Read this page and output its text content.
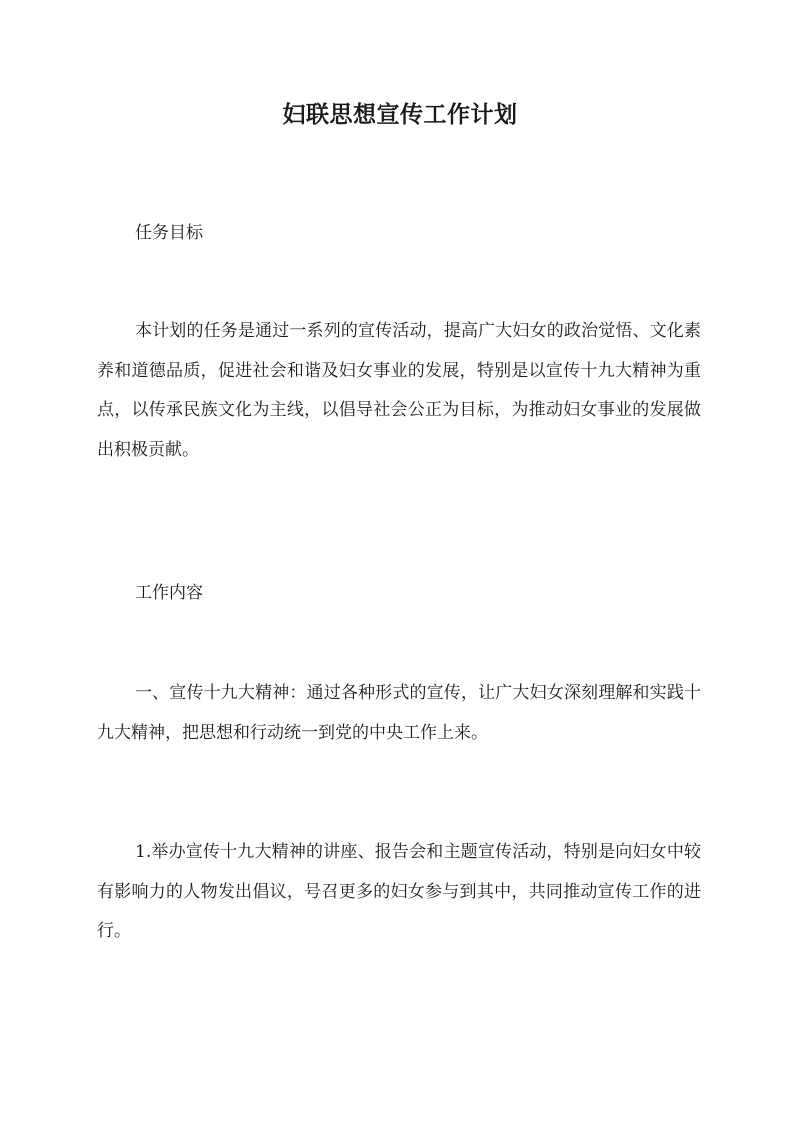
妇联思想宣传工作计划
任务目标

本计划的任务是通过一系列的宣传活动，提高广大妇女的政治觉悟、文化素养和道德品质，促进社会和谐及妇女事业的发展，特别是以宣传十九大精神为重点，以传承民族文化为主线，以倡导社会公正为目标，为推动妇女事业的发展做出积极贡献。

工作内容

一、宣传十九大精神：通过各种形式的宣传，让广大妇女深刻理解和实践十九大精神，把思想和行动统一到党的中央工作上来。

1.举办宣传十九大精神的讲座、报告会和主题宣传活动，特别是向妇女中较有影响力的人物发出倡议，号召更多的妇女参与到其中，共同推动宣传工作的进行。
